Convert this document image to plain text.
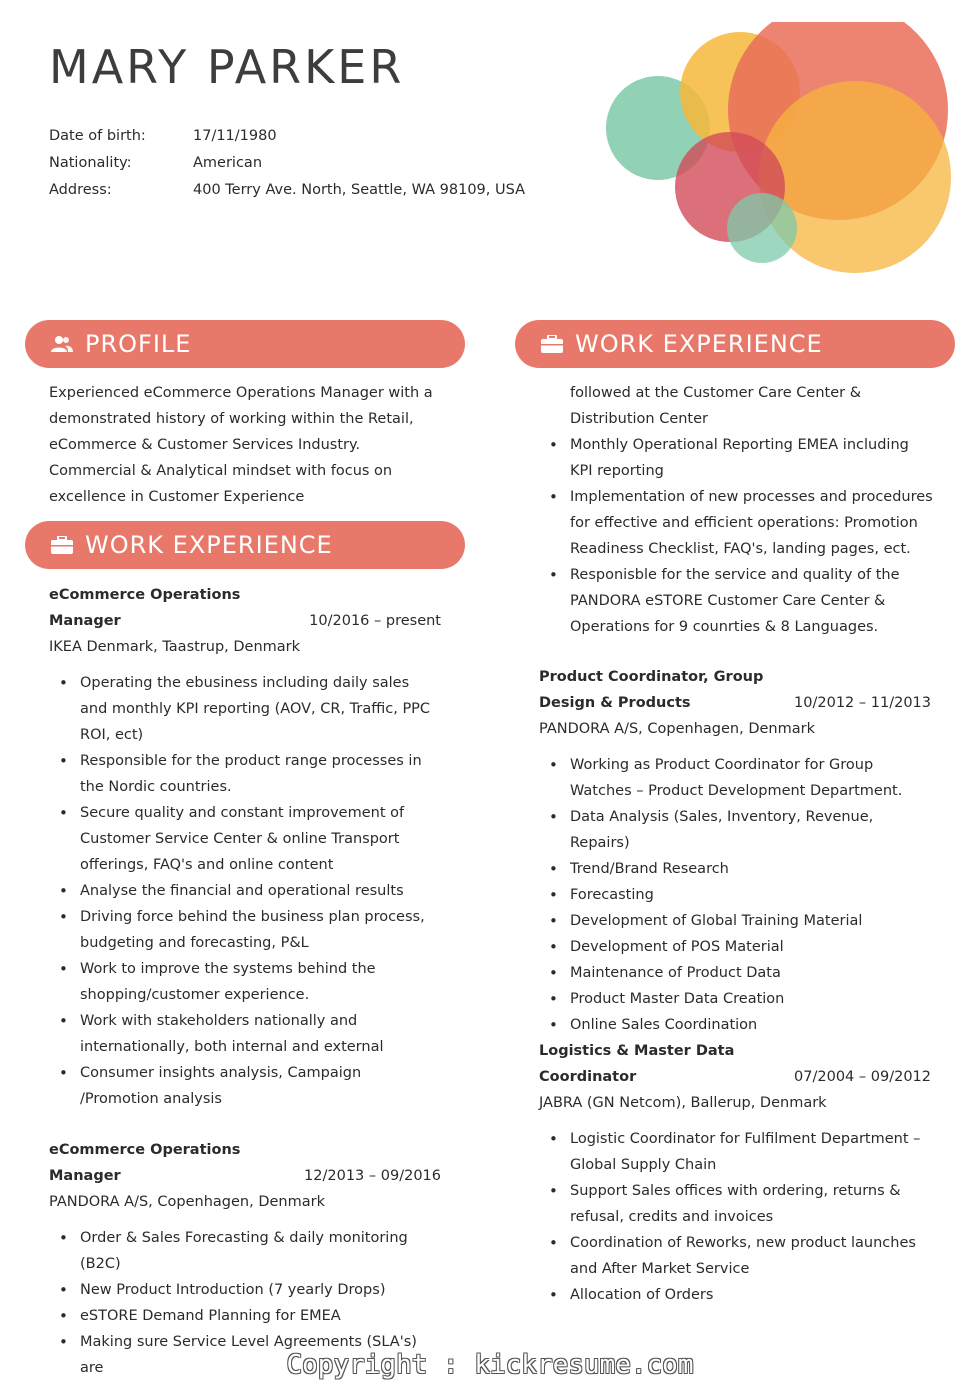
MARY PARKER
Date of birth:	17/11/1980
Nationality:	American
Address:	400 Terry Ave. North, Seattle, WA 98109, USA
PROFILE
Experienced eCommerce Operations Manager with a demonstrated history of working within the Retail, eCommerce & Customer Services Industry. Commercial & Analytical mindset with focus on excellence in Customer Experience
WORK EXPERIENCE
eCommerce Operations
Manager	10/2016 – present
IKEA Denmark, Taastrup, Denmark
• Operating the ebusiness including daily sales and monthly KPI reporting (AOV, CR, Traffic, PPC ROI, ect)
• Responsible for the product range processes in the Nordic countries.
• Secure quality and constant improvement of Customer Service Center & online Transport offerings, FAQ's and online content
• Analyse the financial and operational results
• Driving force behind the business plan process, budgeting and forecasting, P&L
• Work to improve the systems behind the shopping/customer experience.
• Work with stakeholders nationally and internationally, both internal and external
• Consumer insights analysis, Campaign /Promotion analysis
eCommerce Operations
Manager	12/2013 – 09/2016
PANDORA A/S, Copenhagen, Denmark
• Order & Sales Forecasting & daily monitoring (B2C)
• New Product Introduction (7 yearly Drops)
• eSTORE Demand Planning for EMEA
• Making sure Service Level Agreements (SLA's) are
WORK EXPERIENCE
followed at the Customer Care Center & Distribution Center
• Monthly Operational Reporting EMEA including KPI reporting
• Implementation of new processes and procedures for effective and efficient operations: Promotion Readiness Checklist, FAQ's, landing pages, ect.
• Responisble for the service and quality of the PANDORA eSTORE Customer Care Center & Operations for 9 counrties & 8 Languages.
Product Coordinator, Group
Design & Products	10/2012 – 11/2013
PANDORA A/S, Copenhagen, Denmark
• Working as Product Coordinator for Group Watches – Product Development Department.
• Data Analysis (Sales, Inventory, Revenue, Repairs)
• Trend/Brand Research
• Forecasting
• Development of Global Training Material
• Development of POS Material
• Maintenance of Product Data
• Product Master Data Creation
• Online Sales Coordination
Logistics & Master Data
Coordinator	07/2004 – 09/2012
JABRA (GN Netcom), Ballerup, Denmark
• Logistic Coordinator for Fulfilment Department – Global Supply Chain
• Support Sales offices with ordering, returns & refusal, credits and invoices
• Coordination of Reworks, new product launches and After Market Service
• Allocation of Orders
Copyright : kickresume.com
